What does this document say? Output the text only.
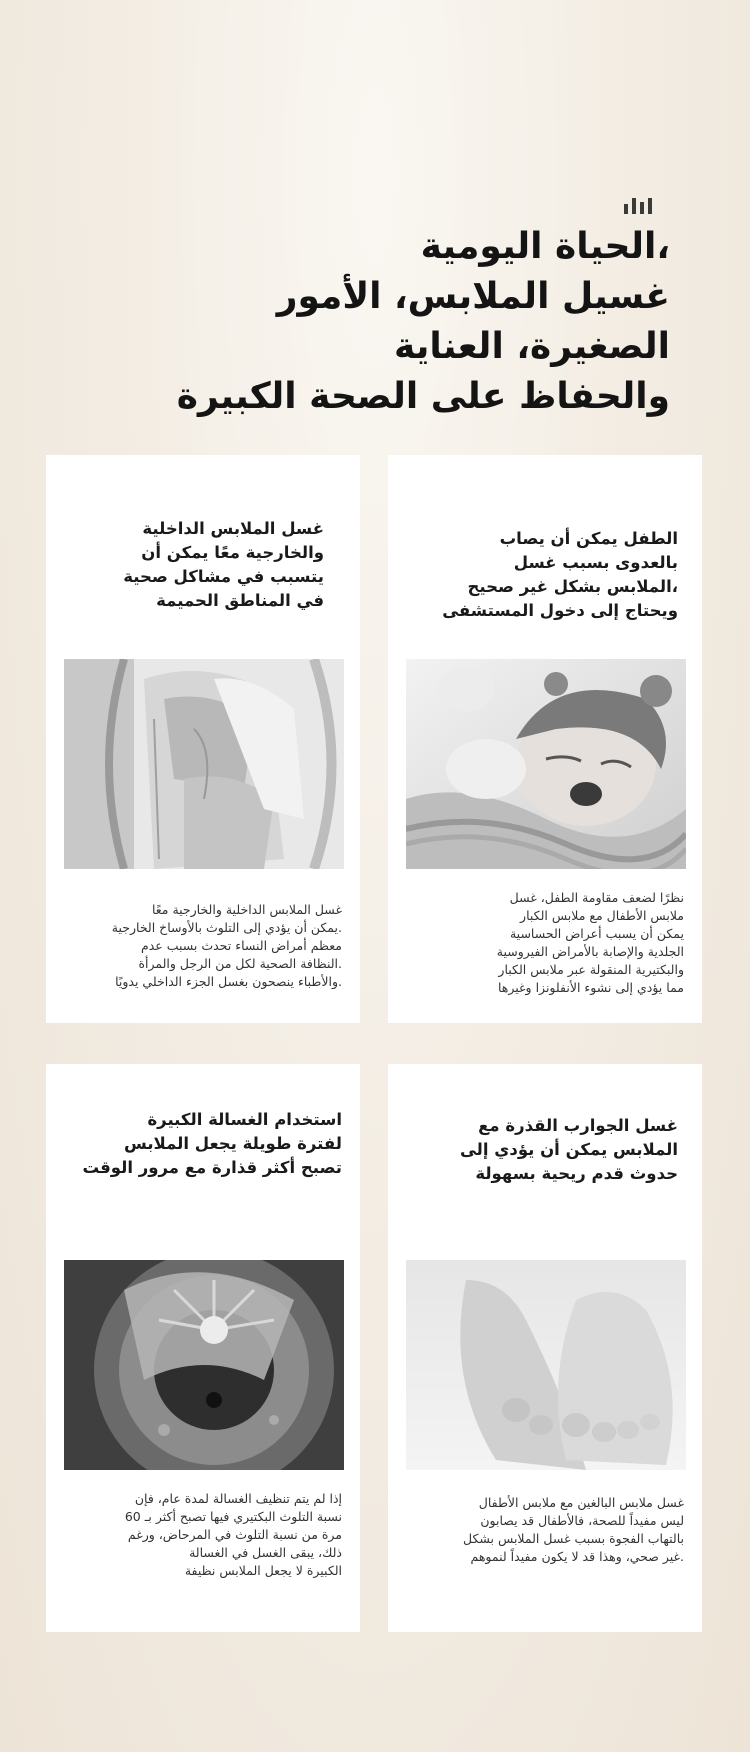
،الحياة اليومية
غسيل الملابس، الأمور
الصغيرة، العناية
والحفاظ على الصحة الكبيرة
الطفل يمكن أن يصاب
بالعدوى بسبب غسل
،الملابس بشكل غير صحيح
ويحتاج إلى دخول المستشفى
نظرًا لضعف مقاومة الطفل، غسل
ملابس الأطفال مع ملابس الكبار
يمكن أن يسبب أعراض الحساسية
الجلدية والإصابة بالأمراض الفيروسية
والبكتيرية المنقولة عبر ملابس الكبار
مما يؤدي إلى نشوء الأنفلونزا وغيرها
غسل الملابس الداخلية
والخارجية معًا يمكن أن
يتسبب في مشاكل صحية
في المناطق الحميمة
غسل الملابس الداخلية والخارجية معًا
.يمكن أن يؤدي إلى التلوث بالأوساخ الخارجية
معظم أمراض النساء تحدث بسبب عدم
.النظافة الصحية لكل من الرجل والمرأة
.والأطباء ينصحون بغسل الجزء الداخلي يدويًا
غسل الجوارب القذرة مع
الملابس يمكن أن يؤدي إلى
حدوث قدم ريحية بسهولة
غسل ملابس البالغين مع ملابس الأطفال
ليس مفيداً للصحة، فالأطفال قد يصابون
بالتهاب الفجوة بسبب غسل الملابس بشكل
.غير صحي، وهذا قد لا يكون مفيداً لنموهم
استخدام الغسالة الكبيرة
لفترة طويلة يجعل الملابس
تصبح أكثر قذارة مع مرور الوقت
إذا لم يتم تنظيف الغسالة لمدة عام، فإن
نسبة التلوث البكتيري فيها تصبح أكثر بـ 60
مرة من نسبة التلوث في المرحاض، ورغم
ذلك، يبقى الغسل في الغسالة
الكبيرة لا يجعل الملابس نظيفة
